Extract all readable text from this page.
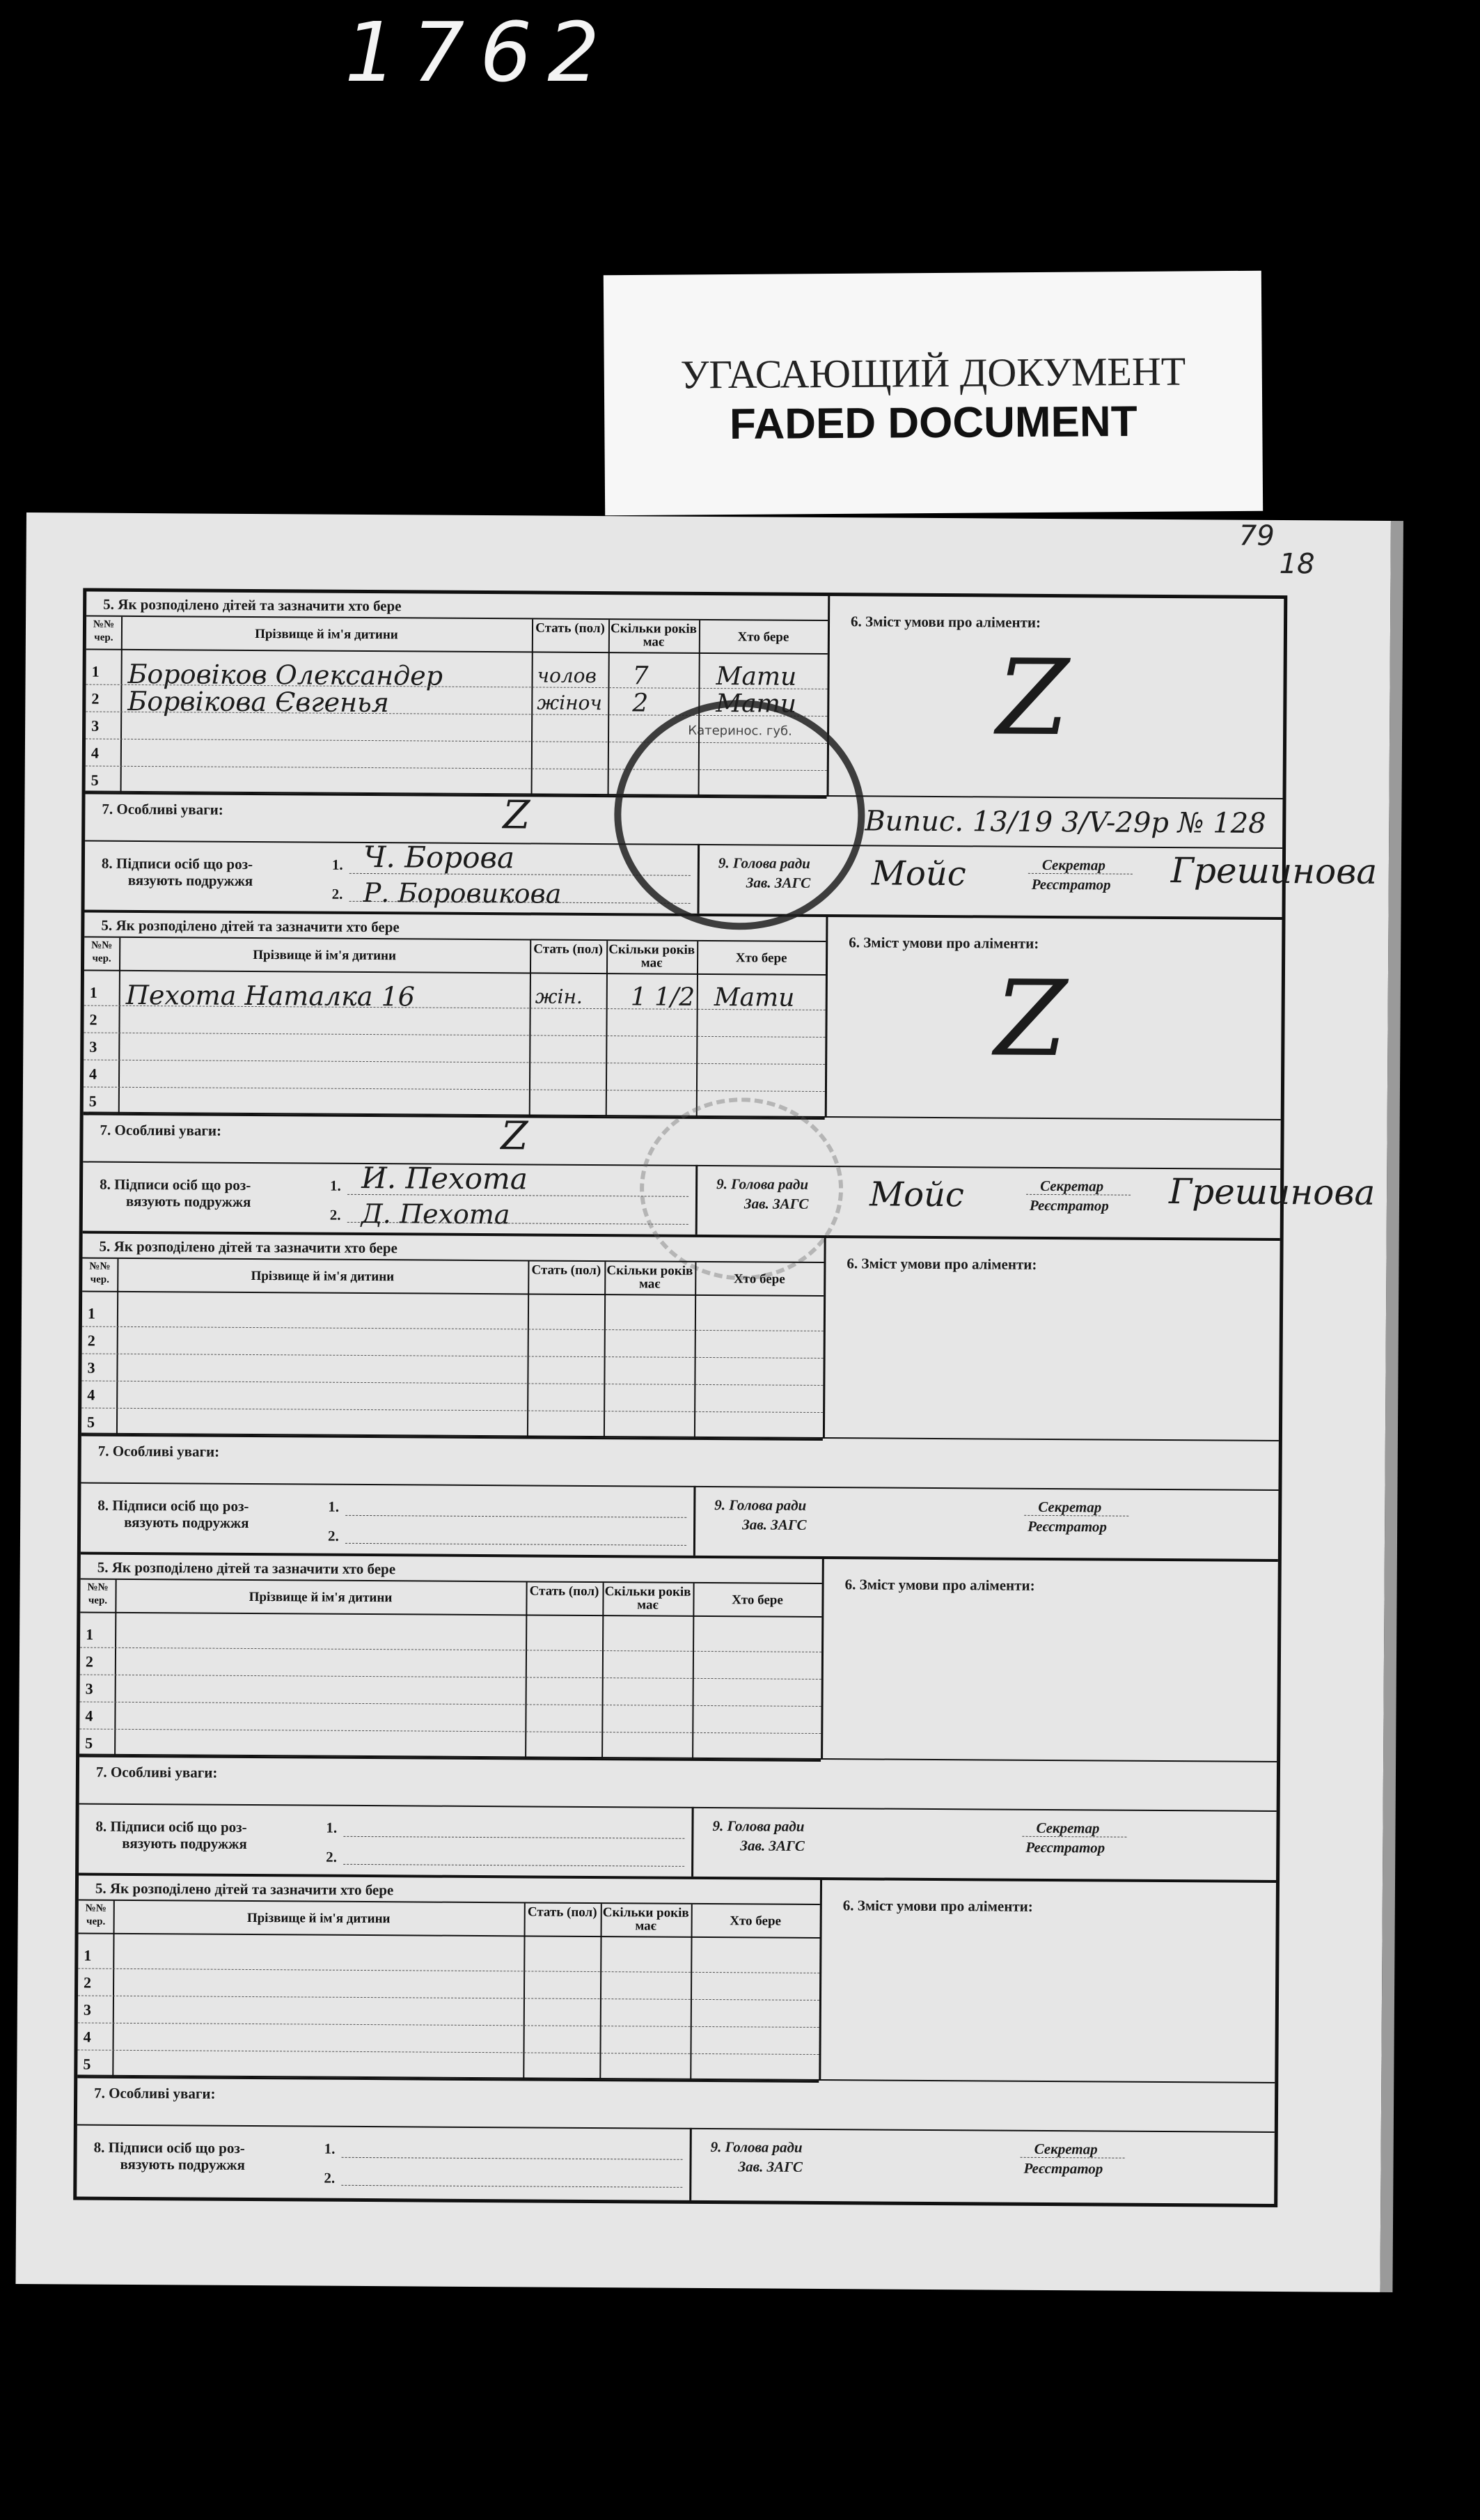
1762
УГАСАЮЩИЙ ДОКУМЕНТ
FADED DOCUMENT
79
18
5. Як розподілено дітей та зазначити хто бере
№№ чер.	Прізвище й ім'я дитини	Стать (пол) Скільки років має	Хто бере
1 Боровіков Олександер	чолов 7	Мати
2 Борвікова Євгенья	жіноч 2	Мати
3
4
5
6. Зміст умови про аліменти:
Z
7. Особливі уваги:	Z	Випис. 13/19 3/V-29р № 128
8. Підписи осіб що роз-
вязують подружжя
1.
2.
Ч. Борова
Р. Боровикова
9. Голова ради
Зав. ЗАГС
Секретар
Реєстратор
Мойс	Грешинова
Катеринос. губ.
5. Як розподілено дітей та зазначити хто бере
№№ чер.	Прізвище й ім'я дитини	Стать (пол) Скільки років має	Хто бере
1 Пехота Наталка 16	жін. 1 1/2 Мати
2
3
4
5
6. Зміст умови про аліменти:
Z
7. Особливі уваги:	Z
8. Підписи осіб що роз-
вязують подружжя
1.
2.
И. Пехота
Д. Пехота
9. Голова ради
Зав. ЗАГС
Секретар
Реєстратор
Мойс	Грешинова
5. Як розподілено дітей та зазначити хто бере
№№ чер.	Прізвище й ім'я дитини	Стать (пол) Скільки років має	Хто бере
1
2
3
4
5
6. Зміст умови про аліменти:
7. Особливі уваги:
8. Підписи осіб що роз-
вязують подружжя
1.
2.
9. Голова ради
Зав. ЗАГС
Секретар
Реєстратор
5. Як розподілено дітей та зазначити хто бере
№№ чер.	Прізвище й ім'я дитини	Стать (пол) Скільки років має	Хто бере
1
2
3
4
5
6. Зміст умови про аліменти:
7. Особливі уваги:
8. Підписи осіб що роз-
вязують подружжя
1.
2.
9. Голова ради
Зав. ЗАГС
Секретар
Реєстратор
5. Як розподілено дітей та зазначити хто бере
№№ чер.	Прізвище й ім'я дитини	Стать (пол) Скільки років має	Хто бере
1
2
3
4
5
6. Зміст умови про аліменти:
7. Особливі уваги:
8. Підписи осіб що роз-
вязують подружжя
1.
2.
9. Голова ради
Зав. ЗАГС
Секретар
Реєстратор
